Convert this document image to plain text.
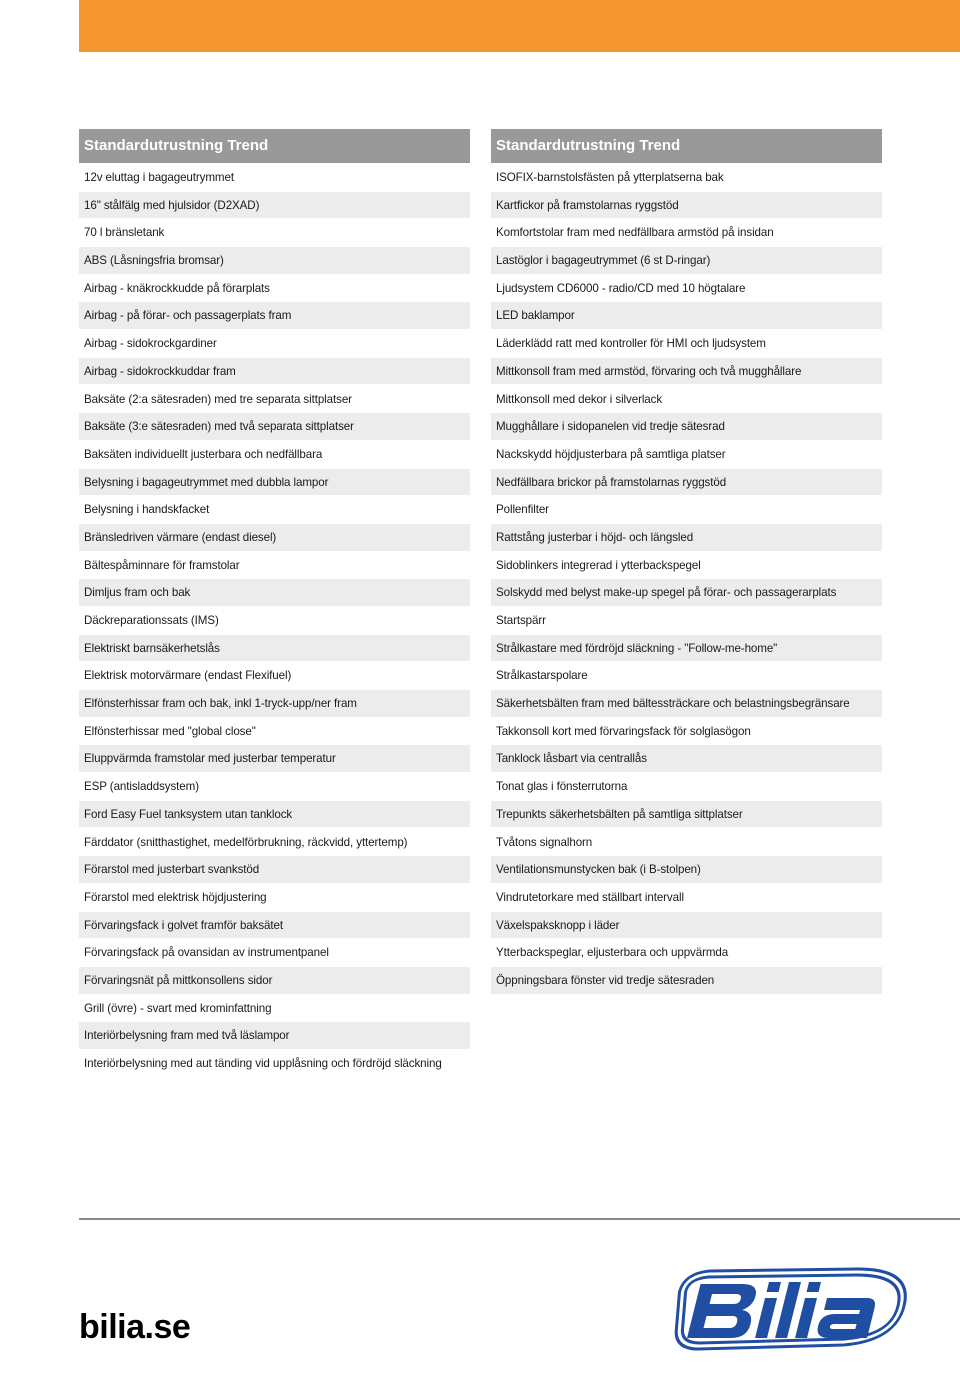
Standardutrustning Trend
12v eluttag i bagageutrymmet
16" stålfälg med hjulsidor (D2XAD)
70 l bränsletank
ABS (Låsningsfria bromsar)
Airbag - knäkrockkudde på förarplats
Airbag - på förar- och passagerplats fram
Airbag - sidokrockgardiner
Airbag - sidokrockkuddar fram
Baksäte (2:a sätesraden) med tre separata sittplatser
Baksäte (3:e sätesraden) med två separata sittplatser
Baksäten individuellt justerbara och nedfällbara
Belysning i bagageutrymmet med dubbla lampor
Belysning i handskfacket
Bränsledriven värmare (endast diesel)
Bältespåminnare för framstolar
Dimljus fram och bak
Däckreparationssats (IMS)
Elektriskt barnsäkerhetslås
Elektrisk motorvärmare (endast Flexifuel)
Elfönsterhissar fram och bak, inkl 1-tryck-upp/ner fram
Elfönsterhissar med "global close"
Eluppvärmda framstolar med justerbar temperatur
ESP (antisladdsystem)
Ford Easy Fuel tanksystem utan tanklock
Färddator (snitthastighet, medelförbrukning, räckvidd, yttertemp)
Förarstol med justerbart svankstöd
Förarstol med elektrisk höjdjustering
Förvaringsfack i golvet framför baksätet
Förvaringsfack på ovansidan av instrumentpanel
Förvaringsnät på mittkonsollens sidor
Grill (övre) - svart med krominfattning
Interiörbelysning fram med två läslampor
Interiörbelysning med aut tänding vid upplåsning och fördröjd släckning
Standardutrustning Trend
ISOFIX-barnstolsfästen på ytterplatserna bak
Kartfickor på framstolarnas ryggstöd
Komfortstolar fram med nedfällbara armstöd på insidan
Lastöglor i bagageutrymmet (6 st D-ringar)
Ljudsystem CD6000 - radio/CD med 10 högtalare
LED baklampor
Läderklädd ratt med kontroller för HMI och ljudsystem
Mittkonsoll fram med armstöd, förvaring och två mugghållare
Mittkonsoll med dekor i silverlack
Mugghållare i sidopanelen vid tredje sätesrad
Nackskydd höjdjusterbara på samtliga platser
Nedfällbara brickor på framstolarnas ryggstöd
Pollenfilter
Rattstång justerbar i höjd- och längsled
Sidoblinkers integrerad i ytterbackspegel
Solskydd med belyst make-up spegel på förar- och passagerarplats
Startspärr
Strålkastare med fördröjd släckning - "Follow-me-home"
Strålkastarspolare
Säkerhetsbälten fram med bältessträckare och belastningsbegränsare
Takkonsoll kort med förvaringsfack för solglasögon
Tanklock låsbart via centrallås
Tonat glas i fönsterrutorna
Trepunkts säkerhetsbälten på samtliga sittplatser
Tvåtons signalhorn
Ventilationsmunstycken bak (i B-stolpen)
Vindrutetorkare med ställbart intervall
Växelspaksknopp i läder
Ytterbackspeglar, eljusterbara och uppvärmda
Öppningsbara fönster vid tredje sätesraden
bilia.se
